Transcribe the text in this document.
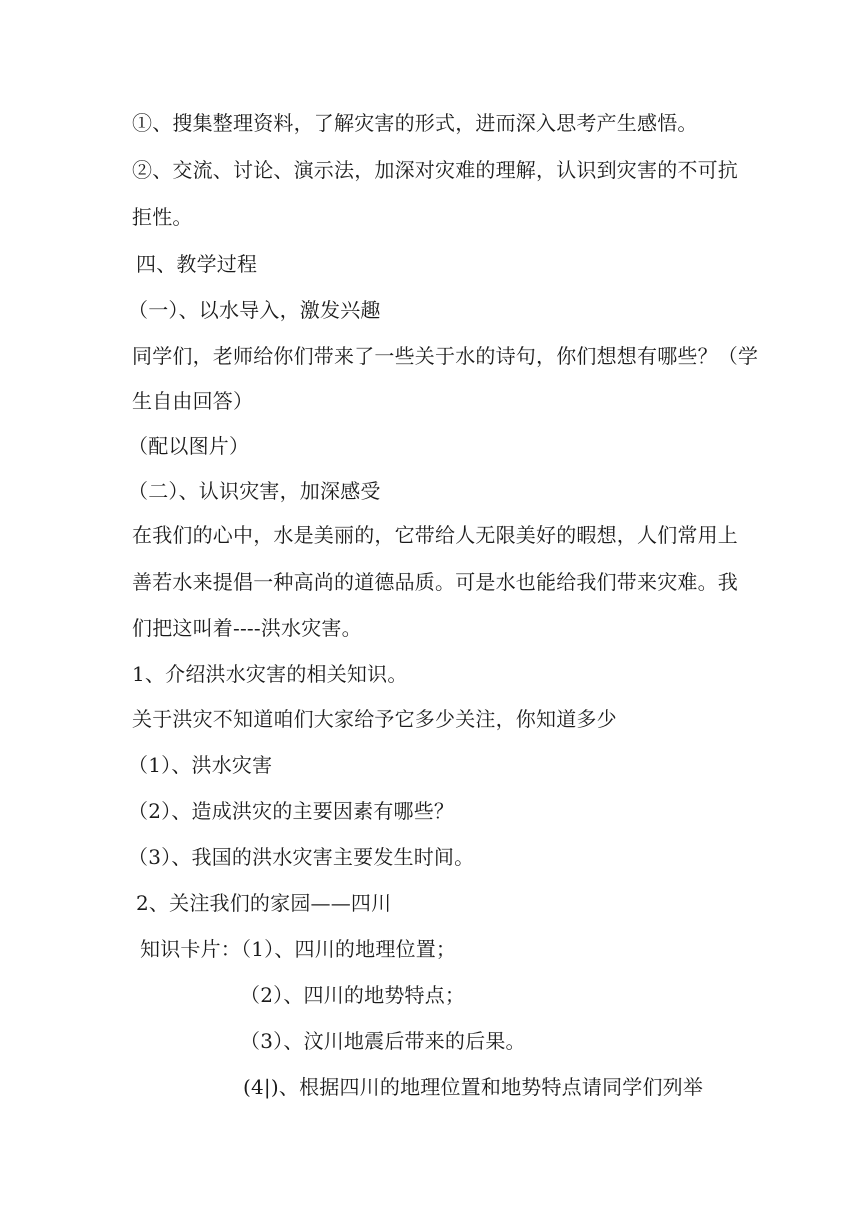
①、搜集整理资料，了解灾害的形式，进而深入思考产生感悟。
②、交流、讨论、演示法，加深对灾难的理解，认识到灾害的不可抗
拒性。
四、教学过程
（一）、以水导入，激发兴趣
同学们，老师给你们带来了一些关于水的诗句，你们想想有哪些？（学
生自由回答）
（配以图片）
（二）、认识灾害，加深感受
在我们的心中，水是美丽的，它带给人无限美好的暇想，人们常用上
善若水来提倡一种高尚的道德品质。可是水也能给我们带来灾难。我
们把这叫着----洪水灾害。
1、介绍洪水灾害的相关知识。
关于洪灾不知道咱们大家给予它多少关注，你知道多少
（1）、洪水灾害
（2）、造成洪灾的主要因素有哪些？
（3）、我国的洪水灾害主要发生时间。
2、关注我们的家园——四川
知识卡片：（1）、四川的地理位置；
（2）、四川的地势特点；
（3）、汶川地震后带来的后果。
(4|)、根据四川的地理位置和地势特点请同学们列举
